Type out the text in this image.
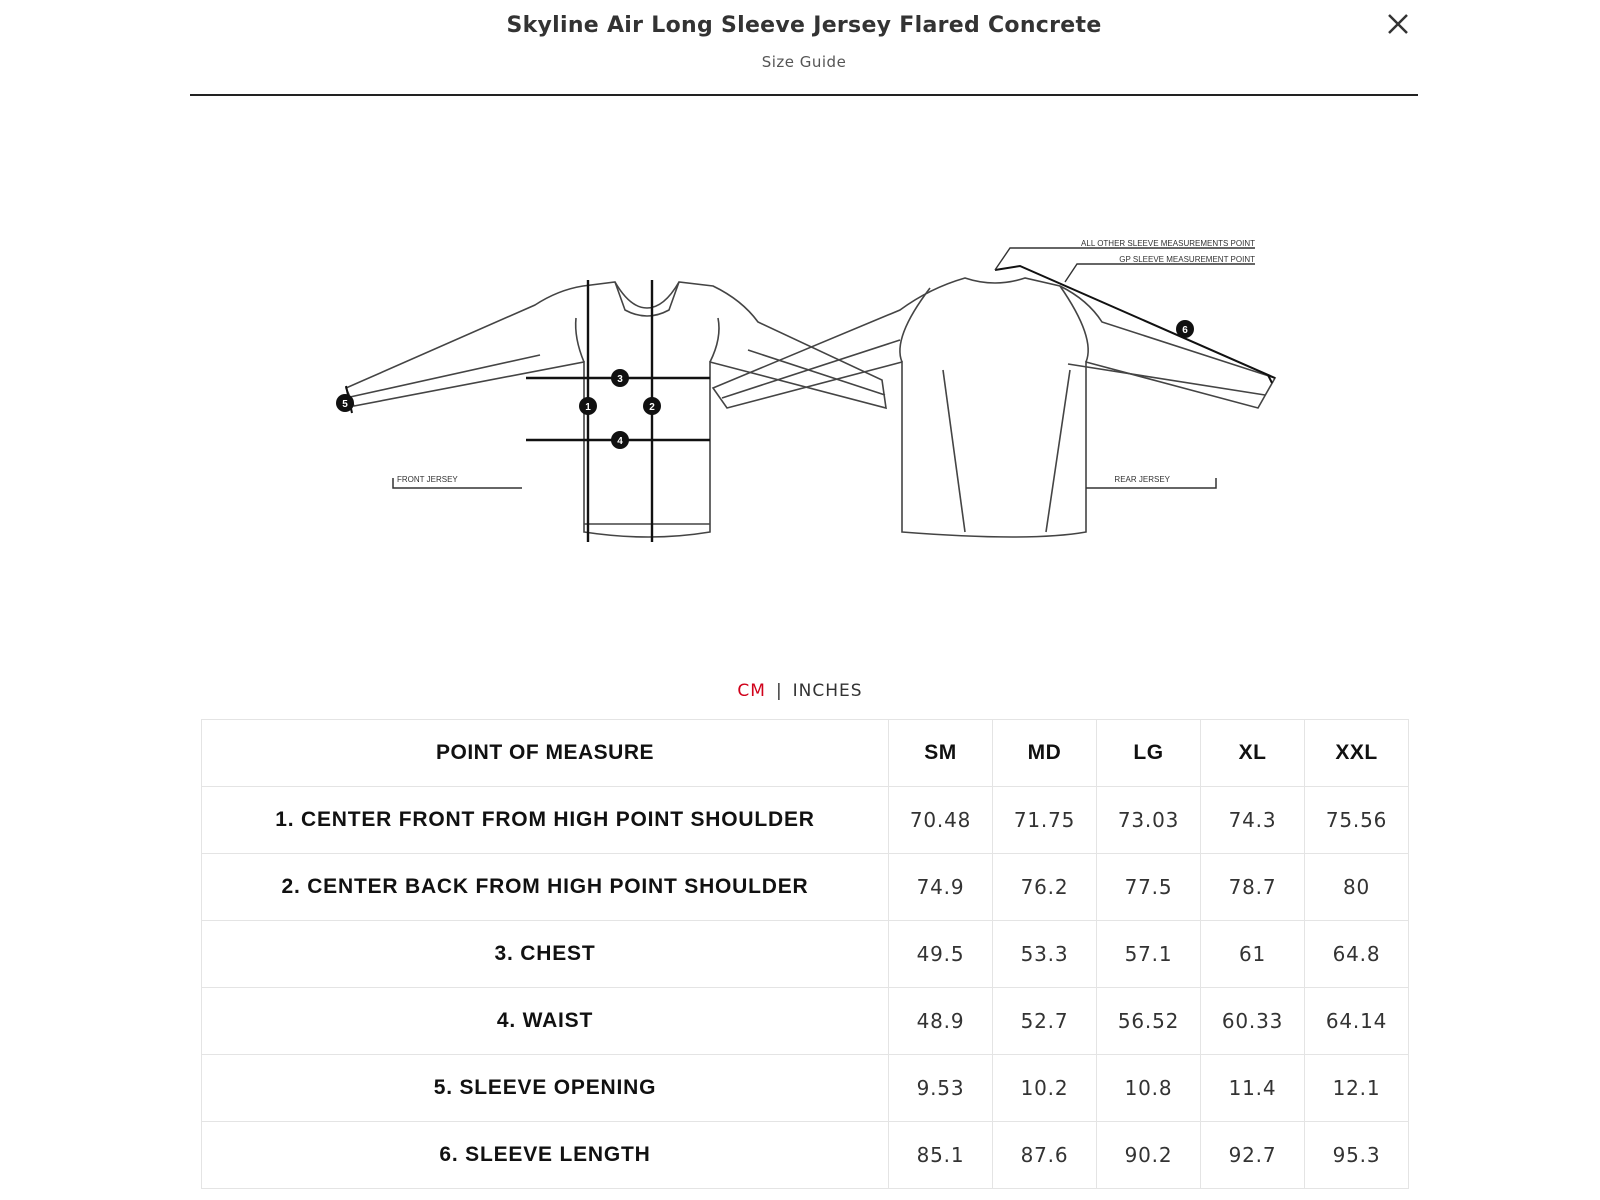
Skyline Air Long Sleeve Jersey Flared Concrete
Size Guide
FRONT JERSEY	REAR JERSEY
ALL OTHER SLEEVE MEASUREMENTS POINT
GP SLEEVE MEASUREMENT POINT
1	2
3
4
5
6
CM | INCHES
POINT OF MEASURE	SM	MD	LG	XL	XXL
1. CENTER FRONT FROM HIGH POINT SHOULDER	70.48	71.75	73.03	74.3	75.56
2. CENTER BACK FROM HIGH POINT SHOULDER	74.9	76.2	77.5	78.7	80
3. CHEST	49.5	53.3	57.1	61	64.8
4. WAIST	48.9	52.7	56.52	60.33	64.14
5. SLEEVE OPENING	9.53	10.2	10.8	11.4	12.1
6. SLEEVE LENGTH	85.1	87.6	90.2	92.7	95.3
